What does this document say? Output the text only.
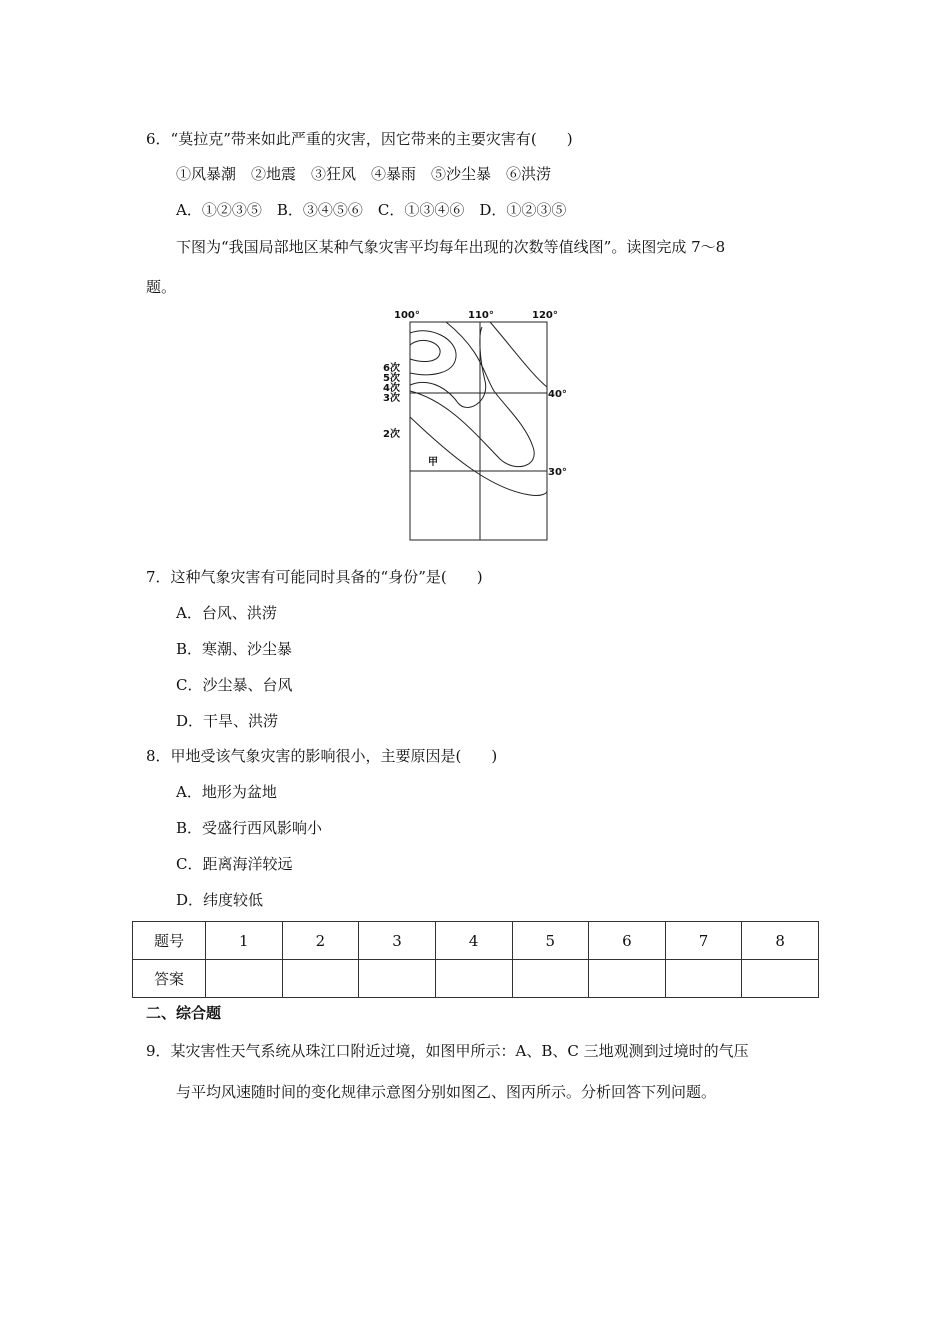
6．“莫拉克”带来如此严重的灾害，因它带来的主要灾害有(　　)
①风暴潮　②地震　③狂风　④暴雨　⑤沙尘暴　⑥洪涝
A．①②③⑤　B．③④⑤⑥　C．①③④⑥　D．①②③⑤
下图为“我国局部地区某种气象灾害平均每年出现的次数等值线图”。读图完成 7～8
题。
100°	110°	120°
40°
30°
6次
5次
4次
3次
2次
甲
7．这种气象灾害有可能同时具备的“身份”是(　　)
A．台风、洪涝
B．寒潮、沙尘暴
C．沙尘暴、台风
D．干旱、洪涝
8．甲地受该气象灾害的影响很小，主要原因是(　　)
A．地形为盆地
B．受盛行西风影响小
C．距离海洋较远
D．纬度较低
题号	1	2	3	4	5	6	7	8
答案								
二、综合题
9．某灾害性天气系统从珠江口附近过境，如图甲所示：A、B、C 三地观测到过境时的气压
与平均风速随时间的变化规律示意图分别如图乙、图丙所示。分析回答下列问题。
